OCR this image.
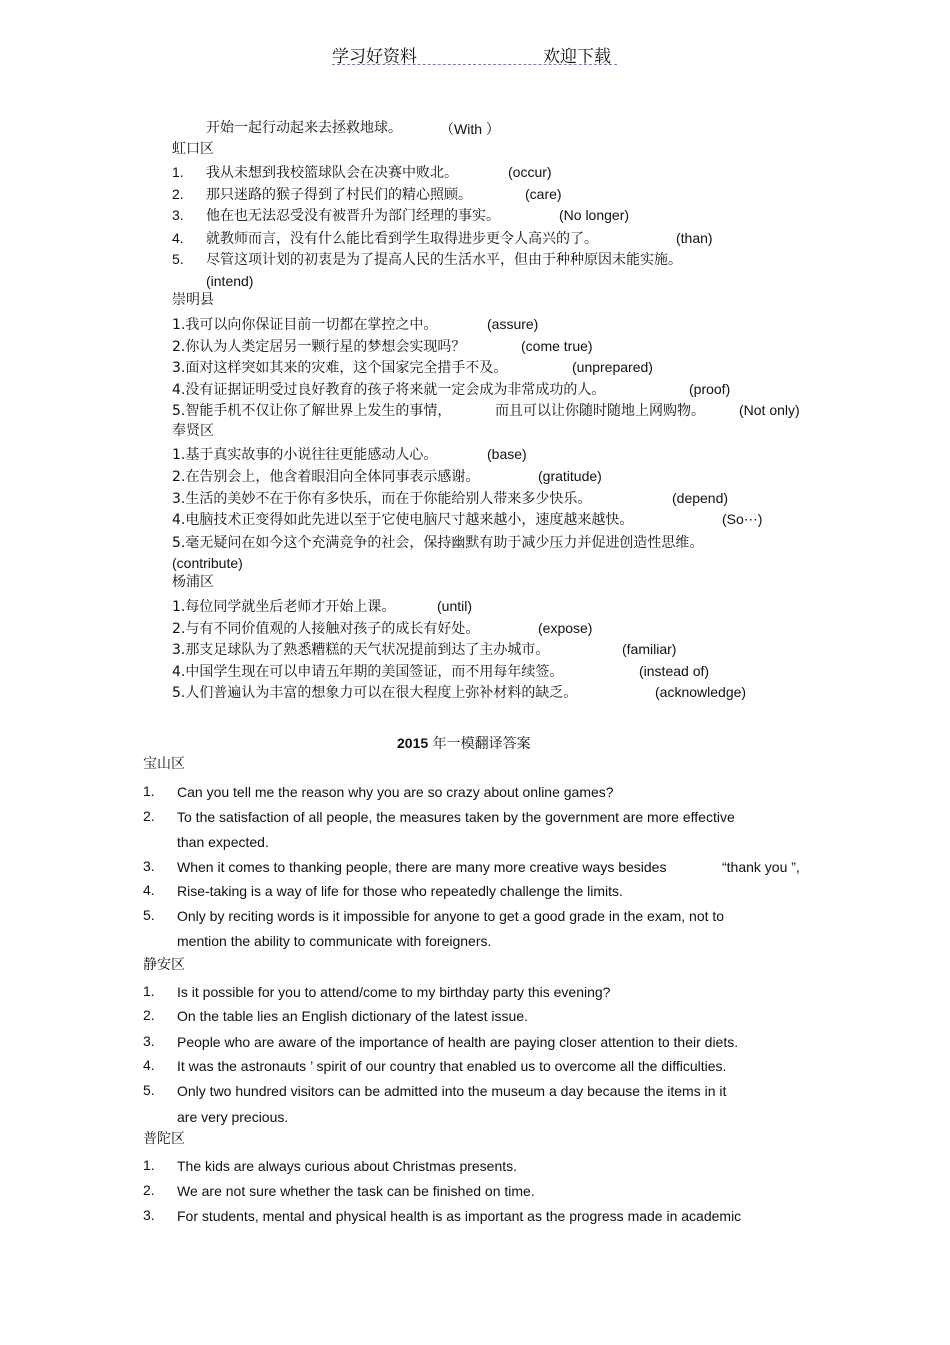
学习好资料	欢迎下载
开始一起行动起来去拯救地球。	（With ）
虹口区
1. 我从未想到我校篮球队会在决赛中败北。	(occur)
2. 那只迷路的猴子得到了村民们的精心照顾。	(care)
3. 他在也无法忍受没有被晋升为部门经理的事实。	(No longer)
4. 就教师而言，没有什么能比看到学生取得进步更令人高兴的了。	(than)
5. 尽管这项计划的初衷是为了提高人民的生活水平，但由于种种原因未能实施。
(intend)
崇明县
1.我可以向你保证目前一切都在掌控之中。	(assure)
2.你认为人类定居另一颗行星的梦想会实现吗？	(come true)
3.面对这样突如其来的灾难，这个国家完全措手不及。	(unprepared)
4.没有证据证明受过良好教育的孩子将来就一定会成为非常成功的人。	(proof)
5.智能手机不仅让你了解世界上发生的事情，	而且可以让你随时随地上网购物。 (Not only)
奉贤区
1.基于真实故事的小说往往更能感动人心。	(base)
2.在告别会上，他含着眼泪向全体同事表示感谢。	(gratitude)
3.生活的美妙不在于你有多快乐，而在于你能给别人带来多少快乐。	(depend)
4.电脑技术正变得如此先进以至于它使电脑尺寸越来越小，速度越来越快。	(So⋯)
5.毫无疑问在如今这个充满竞争的社会，保持幽默有助于减少压力并促进创造性思维。
(contribute)
杨浦区
1.每位同学就坐后老师才开始上课。	(until)
2.与有不同价值观的人接触对孩子的成长有好处。	(expose)
3.那支足球队为了熟悉糟糕的天气状况提前到达了主办城市。	(familiar)
4.中国学生现在可以申请五年期的美国签证，而不用每年续签。	(instead of)
5.人们普遍认为丰富的想象力可以在很大程度上弥补材料的缺乏。	(acknowledge)
2015 年一模翻译答案
宝山区
1. Can you tell me the reason why you are so crazy about online games?
2. To the satisfaction of all people, the measures taken by the government are more effective
than expected.
3. When it comes to thanking people, there are many more creative ways besides	“thank you ”,
4. Rise-taking is a way of life for those who repeatedly challenge the limits.
5. Only by reciting words is it impossible for anyone to get a good grade in the exam, not to
mention the ability to communicate with foreigners.
静安区
1. Is it possible for you to attend/come to my birthday party this evening?
2. On the table lies an English dictionary of the latest issue.
3. People who are aware of the importance of health are paying closer attention to their diets.
4. It was the astronauts ’ spirit of our country that enabled us to overcome all the difficulties.
5. Only two hundred visitors can be admitted into the museum a day because the items in it
are very precious.
普陀区
1. The kids are always curious about Christmas presents.
2. We are not sure whether the task can be finished on time.
3. For students, mental and physical health is as important as the progress made in academic
